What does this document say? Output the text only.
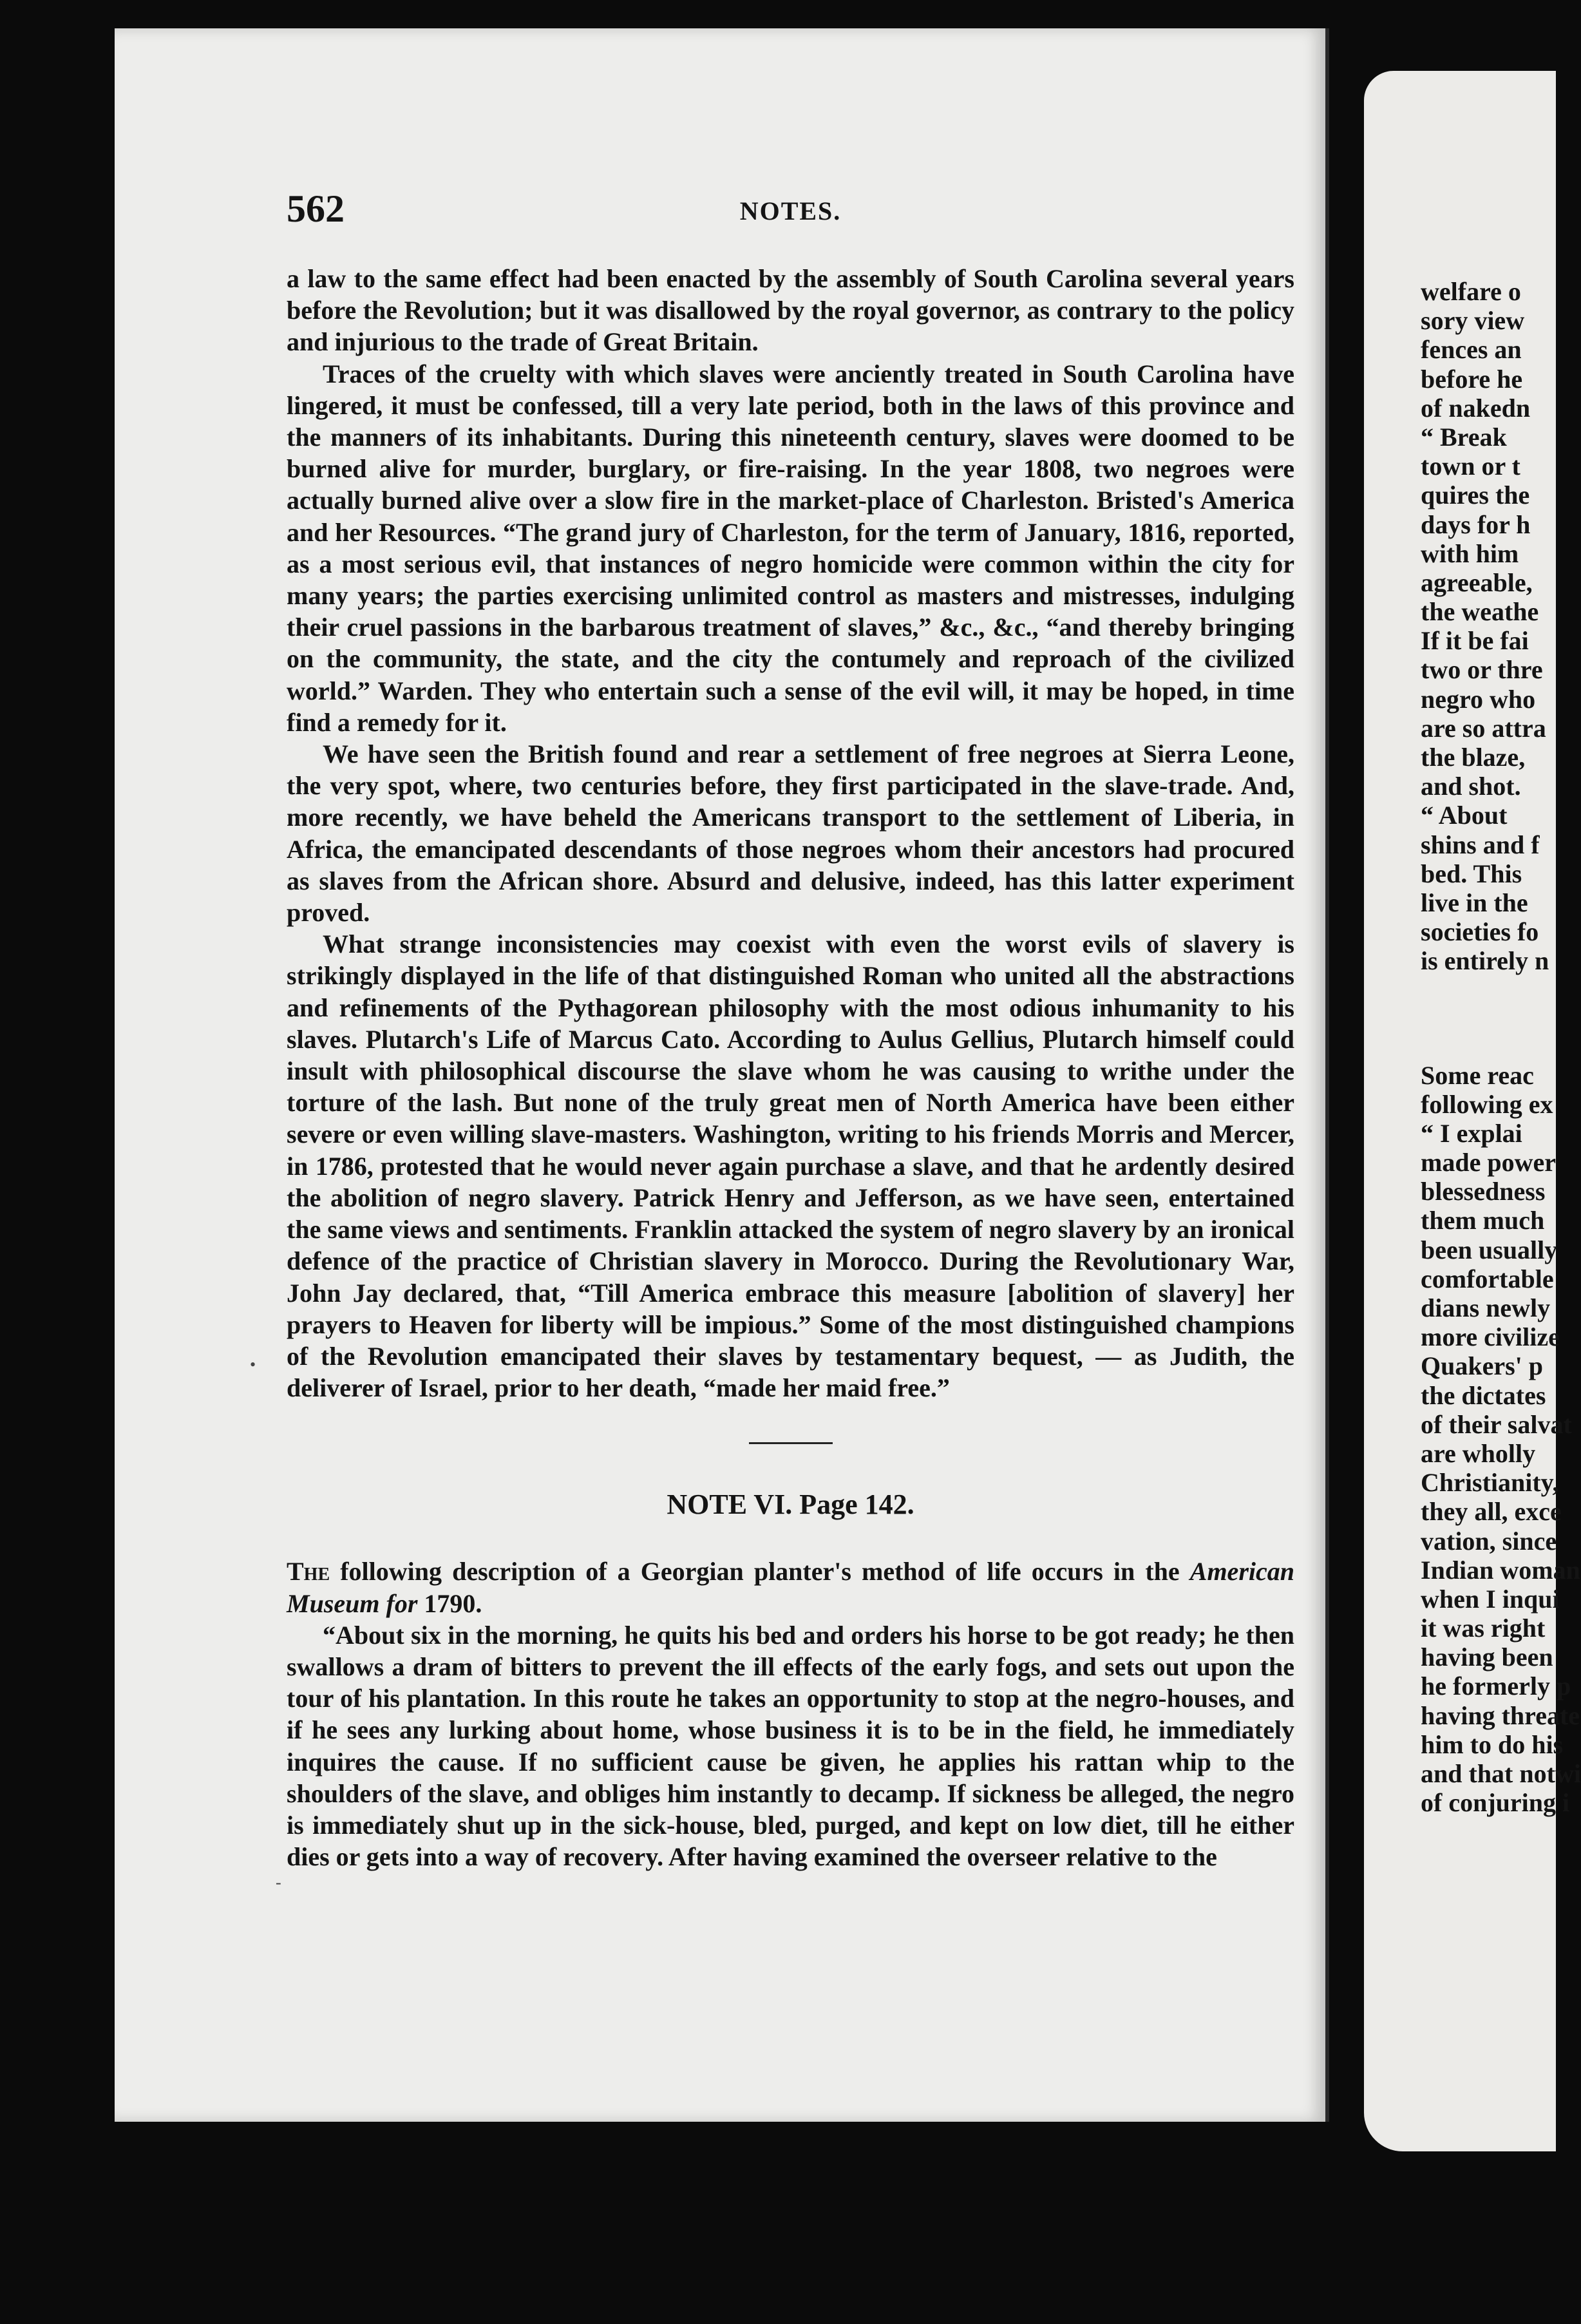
562	NOTES.

a law to the same effect had been enacted by the assembly of South Carolina several years before the Revolution; but it was disallowed by the royal governor, as contrary to the policy and injurious to the trade of Great Britain.

Traces of the cruelty with which slaves were anciently treated in South Carolina have lingered, it must be confessed, till a very late period, both in the laws of this province and the manners of its inhabitants. During this nineteenth century, slaves were doomed to be burned alive for murder, burglary, or fire-raising. In the year 1808, two negroes were actually burned alive over a slow fire in the market-place of Charleston. Bristed's America and her Resources. “The grand jury of Charleston, for the term of January, 1816, reported, as a most serious evil, that instances of negro homicide were common within the city for many years; the parties exercising unlimited control as masters and mistresses, indulging their cruel passions in the barbarous treatment of slaves,” &c., &c., “and thereby bringing on the community, the state, and the city the contumely and reproach of the civilized world.” Warden. They who entertain such a sense of the evil will, it may be hoped, in time find a remedy for it.

We have seen the British found and rear a settlement of free negroes at Sierra Leone, the very spot, where, two centuries before, they first participated in the slave-trade. And, more recently, we have beheld the Americans transport to the settlement of Liberia, in Africa, the emancipated descendants of those negroes whom their ancestors had procured as slaves from the African shore. Absurd and delusive, indeed, has this latter experiment proved.

What strange inconsistencies may coexist with even the worst evils of slavery is strikingly displayed in the life of that distinguished Roman who united all the abstractions and refinements of the Pythagorean philosophy with the most odious inhumanity to his slaves. Plutarch's Life of Marcus Cato. According to Aulus Gellius, Plutarch himself could insult with philosophical discourse the slave whom he was causing to writhe under the torture of the lash. But none of the truly great men of North America have been either severe or even willing slave-masters. Washington, writing to his friends Morris and Mercer, in 1786, protested that he would never again purchase a slave, and that he ardently desired the abolition of negro slavery. Patrick Henry and Jefferson, as we have seen, entertained the same views and sentiments. Franklin attacked the system of negro slavery by an ironical defence of the practice of Christian slavery in Morocco. During the Revolutionary War, John Jay declared, that, “Till America embrace this measure [abolition of slavery] her prayers to Heaven for liberty will be impious.” Some of the most distinguished champions of the Revolution emancipated their slaves by testamentary bequest, — as Judith, the deliverer of Israel, prior to her death, “made her maid free.”

NOTE VI. Page 142.

The following description of a Georgian planter's method of life occurs in the American Museum for 1790.

“About six in the morning, he quits his bed and orders his horse to be got ready; he then swallows a dram of bitters to prevent the ill effects of the early fogs, and sets out upon the tour of his plantation. In this route he takes an opportunity to stop at the negro-houses, and if he sees any lurking about home, whose business it is to be in the field, he immediately inquires the cause. If no sufficient cause be given, he applies his rattan whip to the shoulders of the slave, and obliges him instantly to decamp. If sickness be alleged, the negro is immediately shut up in the sick-house, bled, purged, and kept on low diet, till he either dies or gets into a way of recovery. After having examined the overseer relative to the

•
-
welfare o
sory view
fences an
before he
of nakedn
“ Break
town or t
quires the
days for h
with him
agreeable,
the weathe
If it be fai
two or thre
negro who
are so attra
the blaze,
and shot.
“ About
shins and f
bed. This
live in the
societies fo
is entirely n
Some reac
following ex
“ I explai
made power
blessedness
them much
been usually
comfortable
dians newly
more civilize
Quakers' p
the dictates
of their salvat
are wholly
Christianity,
they all, exce
vation, since
Indian woman
when I inqui
it was right
having been
he formerly p
having threate
him to do his
and that notwi
of conjuring i
